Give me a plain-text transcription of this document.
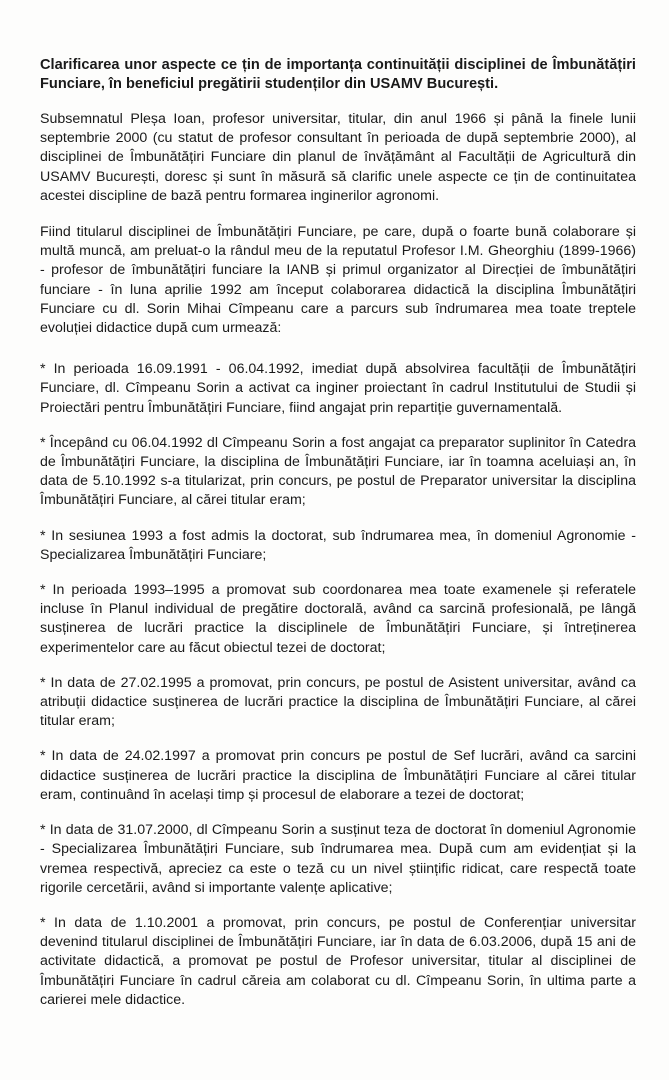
Clarificarea unor aspecte ce țin de importanța continuității disciplinei de Îmbunătățiri Funciare, în beneficiul pregătirii studenților din USAMV București.

Subsemnatul Pleșa Ioan, profesor universitar, titular, din anul 1966 și până la finele lunii septembrie 2000 (cu statut de profesor consultant în perioada de după septembrie 2000), al disciplinei de Îmbunătățiri Funciare din planul de învățământ al Facultății de Agricultură din USAMV București, doresc și sunt în măsură să clarific unele aspecte ce țin de continuitatea acestei discipline de bază pentru formarea inginerilor agronomi.

Fiind titularul disciplinei de Îmbunătățiri Funciare, pe care, după o foarte bună colaborare și multă muncă, am preluat-o la rândul meu de la reputatul Profesor I.M. Gheorghiu (1899-1966) - profesor de îmbunătățiri funciare la IANB și primul organizator al Direcției de îmbunătățiri funciare - în luna aprilie 1992 am început colaborarea didactică la disciplina Îmbunătățiri Funciare cu dl. Sorin Mihai Cîmpeanu care a parcurs sub îndrumarea mea toate treptele evoluției didactice după cum urmează:

* In perioada 16.09.1991 - 06.04.1992, imediat după absolvirea facultății de Îmbunătățiri Funciare, dl. Cîmpeanu Sorin a activat ca inginer proiectant în cadrul Institutului de Studii și Proiectări pentru Îmbunătățiri Funciare, fiind angajat prin repartiție guvernamentală.

* Începând cu 06.04.1992 dl Cîmpeanu Sorin a fost angajat ca preparator suplinitor în Catedra de Îmbunătățiri Funciare, la disciplina de Îmbunătățiri Funciare, iar în toamna aceluiași an, în data de 5.10.1992 s-a titularizat, prin concurs, pe postul de Preparator universitar la disciplina Îmbunătățiri Funciare, al cărei titular eram;

* In sesiunea 1993 a fost admis la doctorat, sub îndrumarea mea, în domeniul Agronomie - Specializarea Îmbunătățiri Funciare;

* In perioada 1993–1995 a promovat sub coordonarea mea toate examenele și referatele incluse în Planul individual de pregătire doctorală, având ca sarcină profesională, pe lângă susținerea de lucrări practice la disciplinele de Îmbunătățiri Funciare, și întreținerea experimentelor care au făcut obiectul tezei de doctorat;

* In data de 27.02.1995 a promovat, prin concurs, pe postul de Asistent universitar, având ca atribuții didactice susținerea de lucrări practice la disciplina de Îmbunătățiri Funciare, al cărei titular eram;

* In data de 24.02.1997 a promovat prin concurs pe postul de Sef lucrări, având ca sarcini didactice susținerea de lucrări practice la disciplina de Îmbunătățiri Funciare al cărei titular eram, continuând în același timp și procesul de elaborare a tezei de doctorat;

* In data de 31.07.2000, dl Cîmpeanu Sorin a susținut teza de doctorat în domeniul Agronomie - Specializarea Îmbunătățiri Funciare, sub îndrumarea mea. După cum am evidențiat și la vremea respectivă, apreciez ca este o teză cu un nivel științific ridicat, care respectă toate rigorile cercetării, având si importante valențe aplicative;

* In data de 1.10.2001 a promovat, prin concurs, pe postul de Conferențiar universitar devenind titularul disciplinei de Îmbunătățiri Funciare, iar în data de 6.03.2006, după 15 ani de activitate didactică, a promovat pe postul de Profesor universitar, titular al disciplinei de Îmbunătățiri Funciare în cadrul căreia am colaborat cu dl. Cîmpeanu Sorin, în ultima parte a carierei mele didactice.
